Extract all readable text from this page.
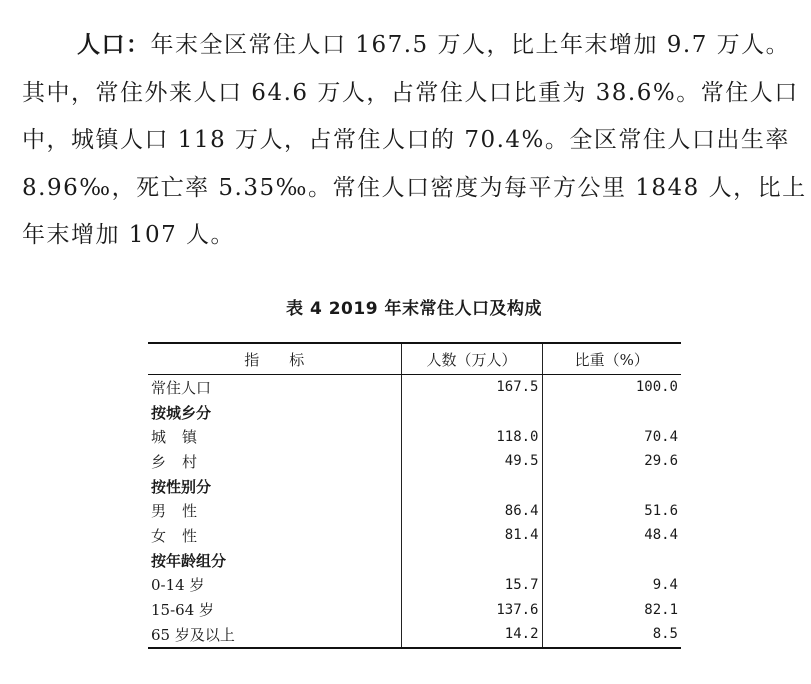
人口：年末全区常住人口 167.5 万人，比上年末增加 9.7 万人。其中，常住外来人口 64.6 万人，占常住人口比重为 38.6%。常住人口中，城镇人口 118 万人，占常住人口的 70.4%。全区常住人口出生率 8.96‰，死亡率 5.35‰。常住人口密度为每平方公里 1848 人，比上年末增加 107 人。

表 4 2019 年末常住人口及构成
指　　标	人数（万人）	比重（%）
常住人口	167.5	100.0
按城乡分		
城镇	118.0	70.4
乡村	49.5	29.6
按性别分		
男性	86.4	51.6
女性	81.4	48.4
按年龄组分		
0-14 岁	15.7	9.4
15-64 岁	137.6	82.1
65 岁及以上	14.2	8.5
